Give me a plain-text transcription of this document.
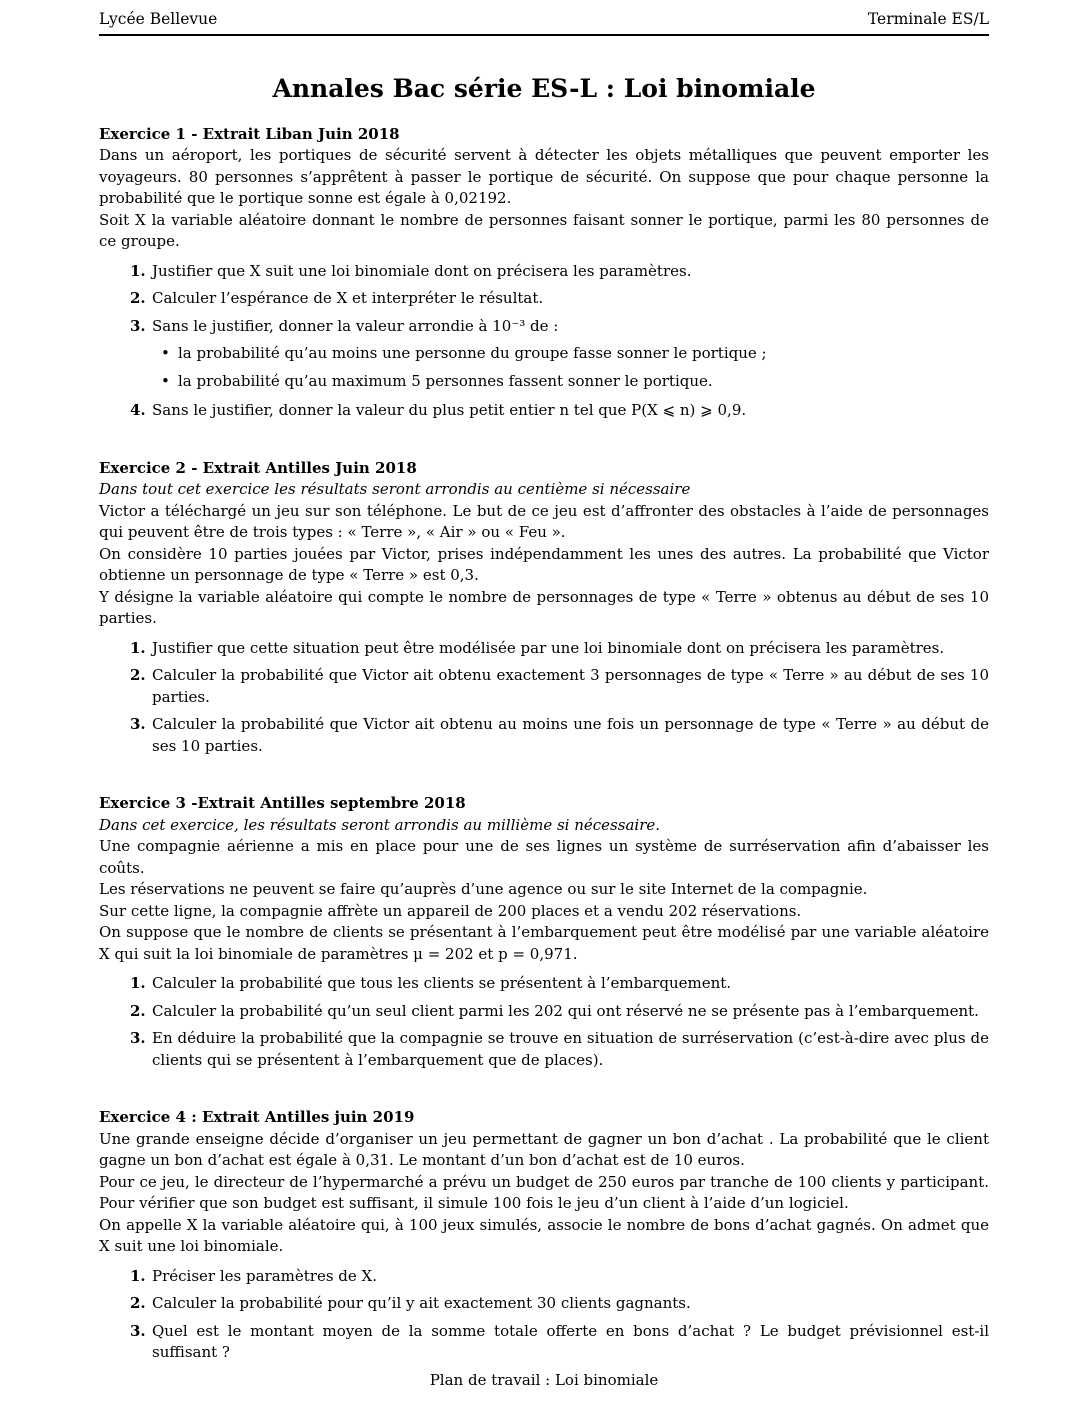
Lycée Bellevue	Terminale ES/L
Annales Bac série ES-L : Loi binomiale
Exercice 1 - Extrait Liban Juin 2018

Dans un aéroport, les portiques de sécurité servent à détecter les objets métalliques que peuvent emporter les voyageurs. 80 personnes s’apprêtent à passer le portique de sécurité. On suppose que pour chaque personne la probabilité que le portique sonne est égale à 0,02192.

Soit X la variable aléatoire donnant le nombre de personnes faisant sonner le portique, parmi les 80 personnes de ce groupe.

1. Justifier que X suit une loi binomiale dont on précisera les paramètres.
2. Calculer l’espérance de X et interpréter le résultat.
3. Sans le justifier, donner la valeur arrondie à 10⁻³ de :
• la probabilité qu’au moins une personne du groupe fasse sonner le portique ;
• la probabilité qu’au maximum 5 personnes fassent sonner le portique.
4. Sans le justifier, donner la valeur du plus petit entier n tel que P(X ⩽ n) ⩾ 0,9.
Exercice 2 - Extrait Antilles Juin 2018

Dans tout cet exercice les résultats seront arrondis au centième si nécessaire

Victor a téléchargé un jeu sur son téléphone. Le but de ce jeu est d’affronter des obstacles à l’aide de personnages qui peuvent être de trois types : « Terre », « Air » ou « Feu ».

On considère 10 parties jouées par Victor, prises indépendamment les unes des autres. La probabilité que Victor obtienne un personnage de type « Terre » est 0,3.

Y désigne la variable aléatoire qui compte le nombre de personnages de type « Terre » obtenus au début de ses 10 parties.

1. Justifier que cette situation peut être modélisée par une loi binomiale dont on précisera les paramètres.
2. Calculer la probabilité que Victor ait obtenu exactement 3 personnages de type « Terre » au début de ses 10 parties.
3. Calculer la probabilité que Victor ait obtenu au moins une fois un personnage de type « Terre » au début de ses 10 parties.
Exercice 3 -Extrait Antilles septembre 2018

Dans cet exercice, les résultats seront arrondis au millième si nécessaire.

Une compagnie aérienne a mis en place pour une de ses lignes un système de surréservation afin d’abaisser les coûts.

Les réservations ne peuvent se faire qu’auprès d’une agence ou sur le site Internet de la compagnie.

Sur cette ligne, la compagnie affrète un appareil de 200 places et a vendu 202 réservations.

On suppose que le nombre de clients se présentant à l’embarquement peut être modélisé par une variable aléatoire X qui suit la loi binomiale de paramètres μ = 202 et p = 0,971.

1. Calculer la probabilité que tous les clients se présentent à l’embarquement.
2. Calculer la probabilité qu’un seul client parmi les 202 qui ont réservé ne se présente pas à l’embarquement.
3. En déduire la probabilité que la compagnie se trouve en situation de surréservation (c’est-à-dire avec plus de clients qui se présentent à l’embarquement que de places).
Exercice 4 : Extrait Antilles juin 2019

Une grande enseigne décide d’organiser un jeu permettant de gagner un bon d’achat . La probabilité que le client gagne un bon d’achat est égale à 0,31. Le montant d’un bon d’achat est de 10 euros.

Pour ce jeu, le directeur de l’hypermarché a prévu un budget de 250 euros par tranche de 100 clients y participant. Pour vérifier que son budget est suffisant, il simule 100 fois le jeu d’un client à l’aide d’un logiciel.

On appelle X la variable aléatoire qui, à 100 jeux simulés, associe le nombre de bons d’achat gagnés. On admet que X suit une loi binomiale.

1. Préciser les paramètres de X.
2. Calculer la probabilité pour qu’il y ait exactement 30 clients gagnants.
3. Quel est le montant moyen de la somme totale offerte en bons d’achat ? Le budget prévisionnel est-il suffisant ?
Plan de travail : Loi binomiale
